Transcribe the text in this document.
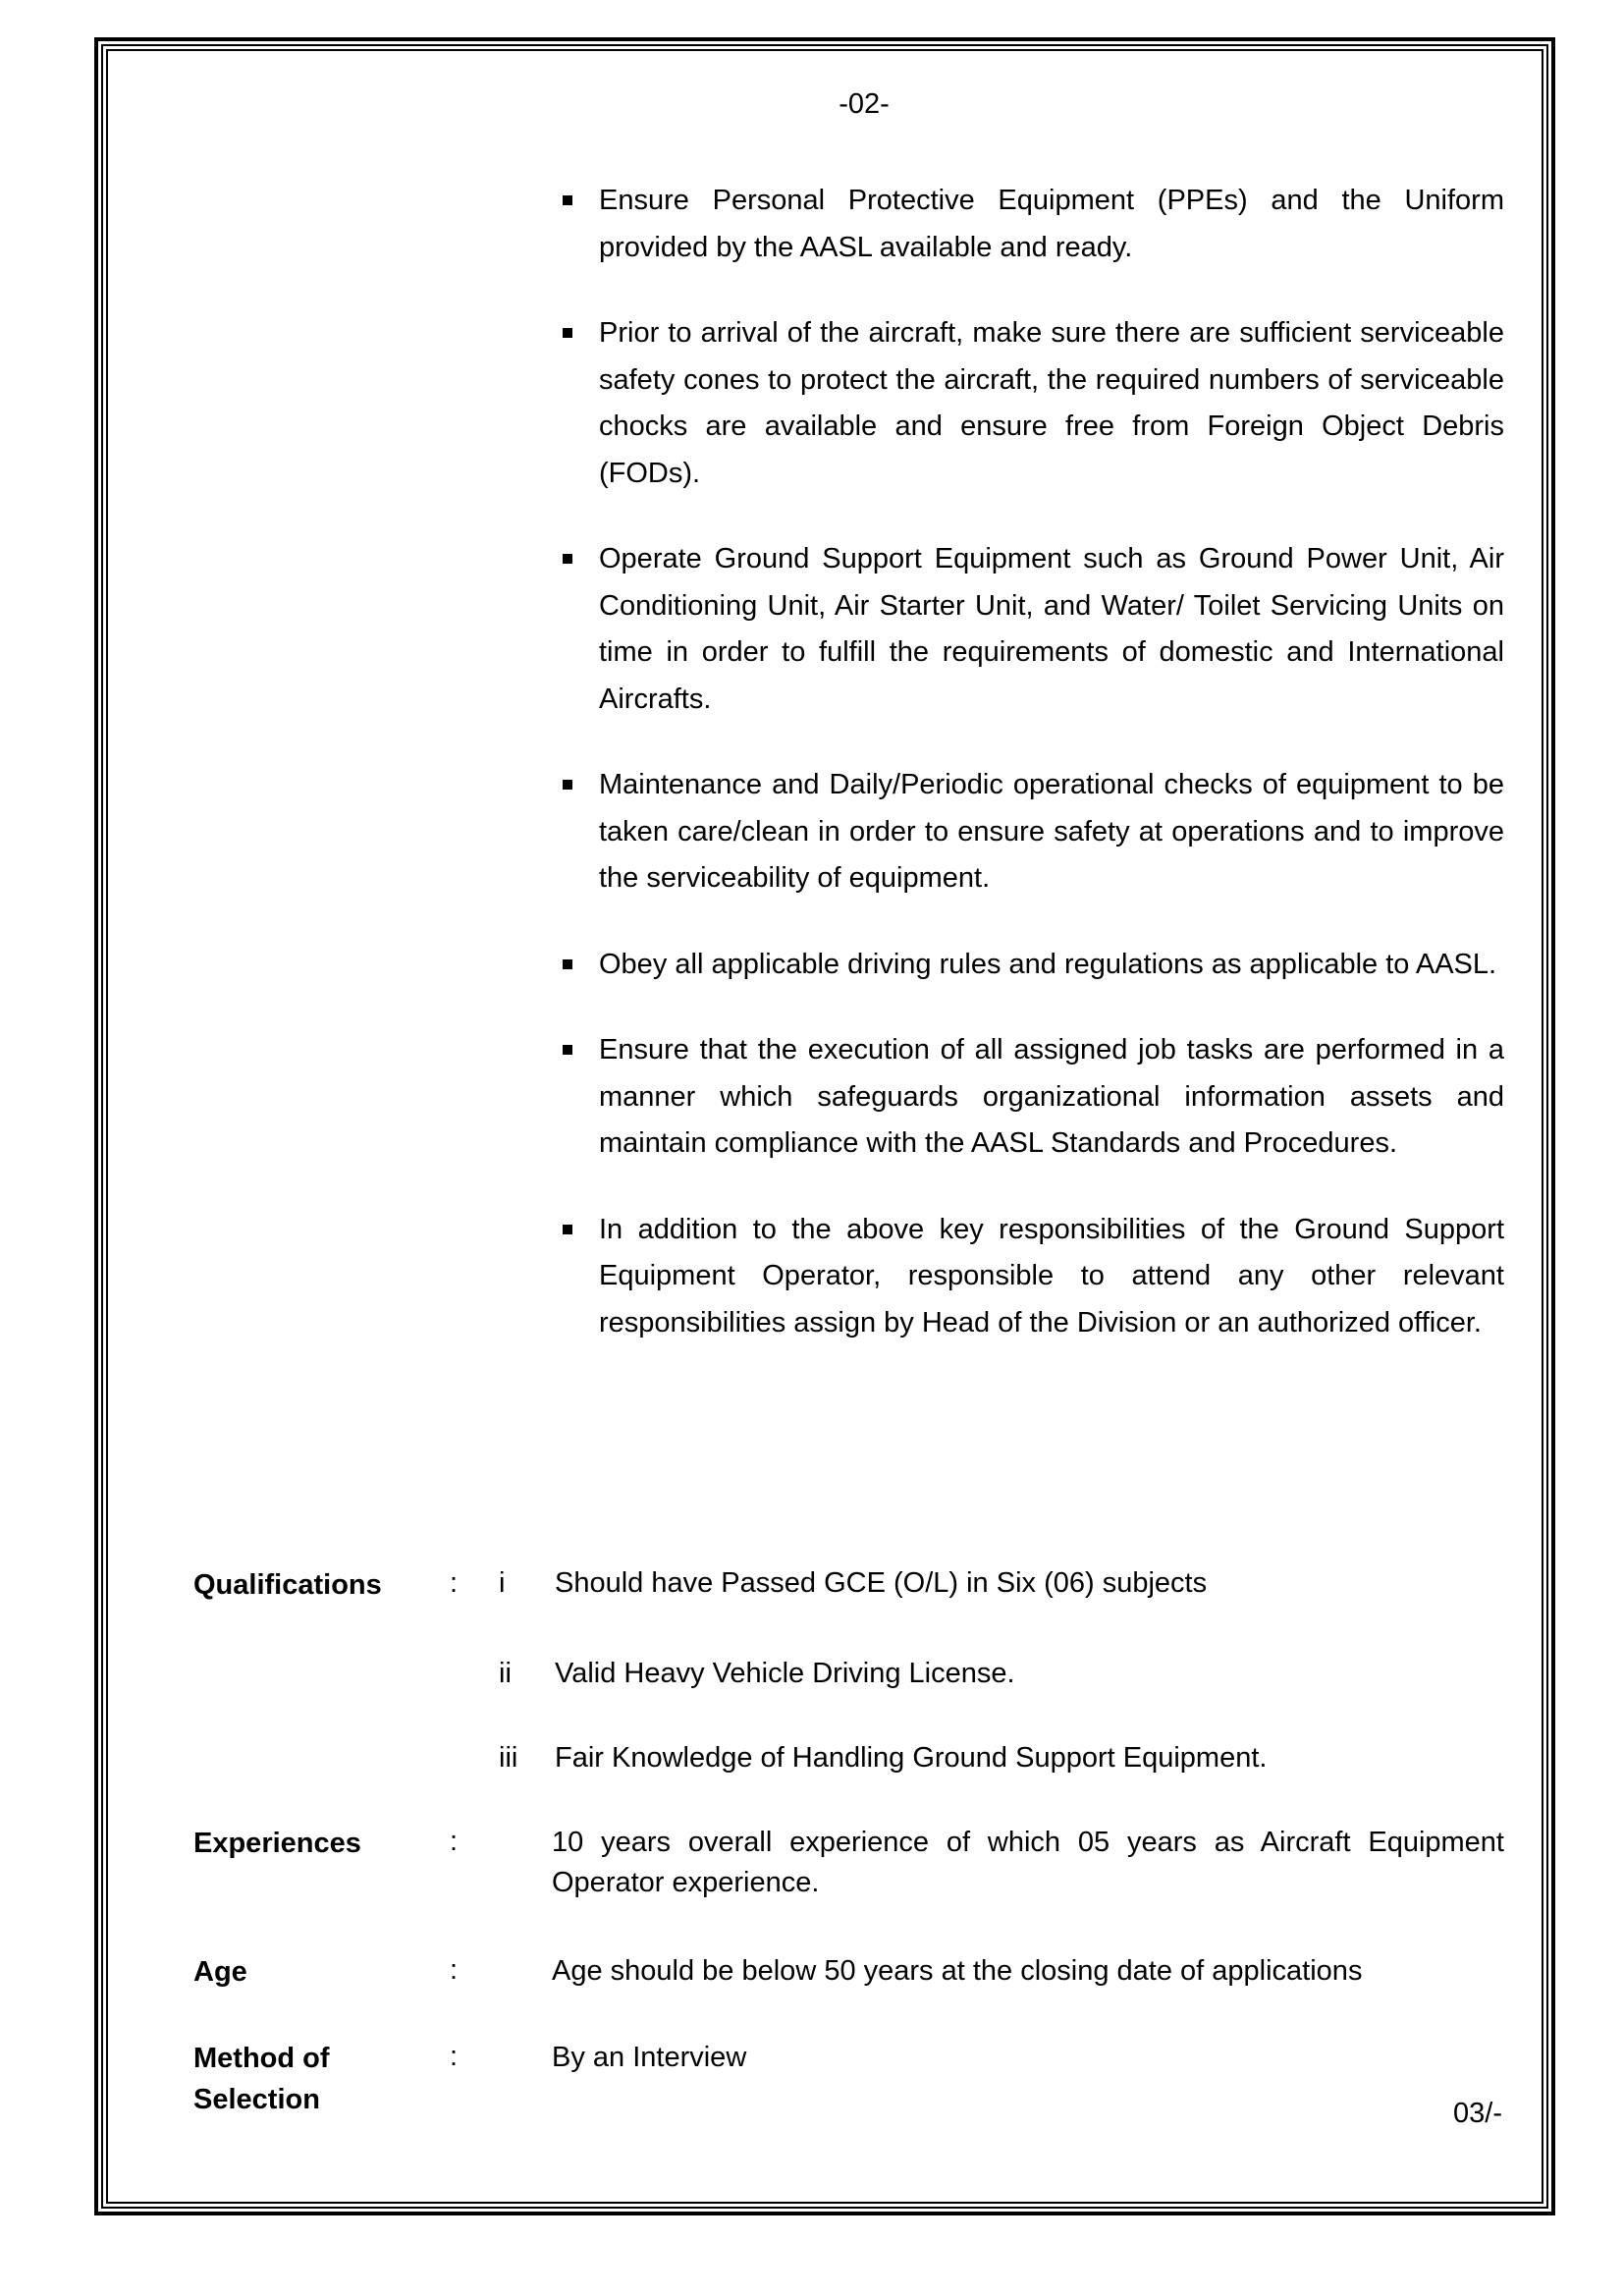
-02-
Ensure Personal Protective Equipment (PPEs) and the Uniform provided by the AASL available and ready.
Prior to arrival of the aircraft, make sure there are sufficient serviceable safety cones to protect the aircraft, the required numbers of serviceable chocks are available and ensure free from Foreign Object Debris (FODs).
Operate Ground Support Equipment such as Ground Power Unit, Air Conditioning Unit, Air Starter Unit, and Water/ Toilet Servicing Units on time in order to fulfill the requirements of domestic and International Aircrafts.
Maintenance and Daily/Periodic operational checks of equipment to be taken care/clean in order to ensure safety at operations and to improve the serviceability of equipment.
Obey all applicable driving rules and regulations as applicable to AASL.
Ensure that the execution of all assigned job tasks are performed in a manner which safeguards organizational information assets and maintain compliance with the AASL Standards and Procedures.
In addition to the above key responsibilities of the Ground Support Equipment Operator, responsible to attend any other relevant responsibilities assign by Head of the Division or an authorized officer.
Qualifications : i Should have Passed GCE (O/L) in Six (06) subjects
ii Valid Heavy Vehicle Driving License.
iii Fair Knowledge of Handling Ground Support Equipment.
Experiences	:	10 years overall experience of which 05 years as Aircraft Equipment Operator experience.
Age	:	Age should be below 50 years at the closing date of applications
Method of
Selection
:	By an Interview
03/-
